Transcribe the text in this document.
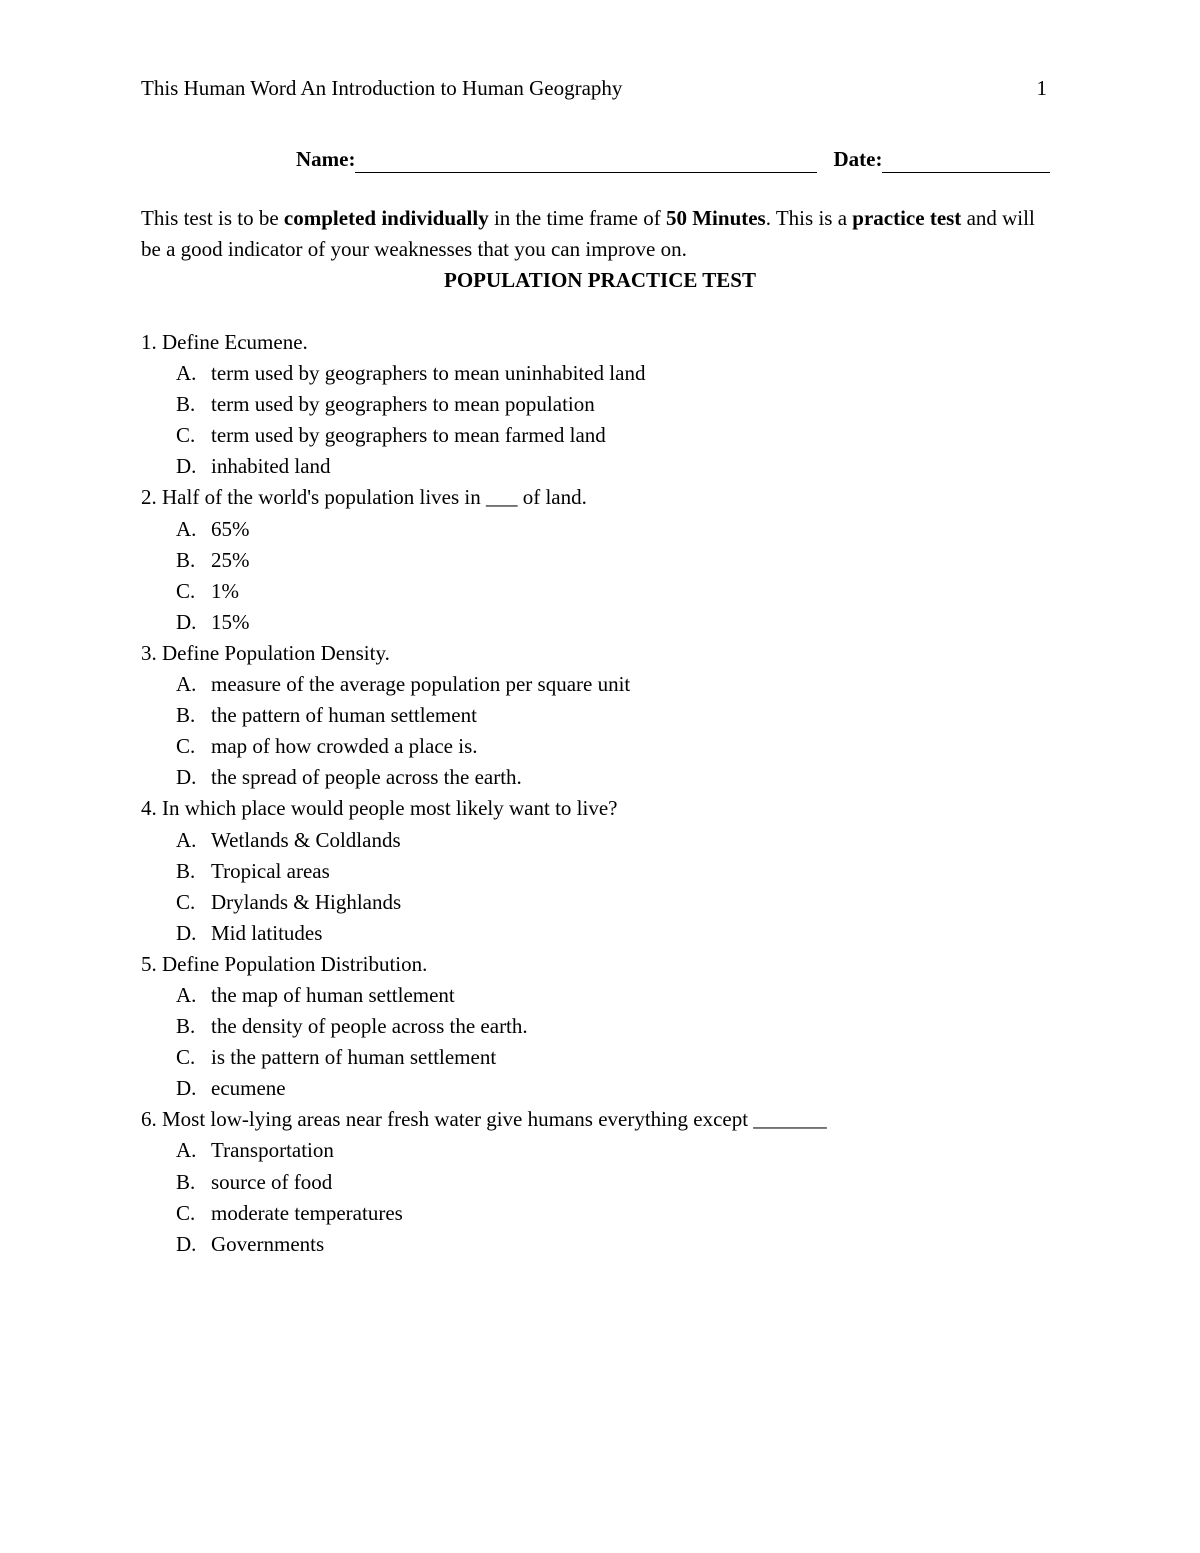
This Human Word An Introduction to Human Geography	1
Name:	Date:
This test is to be completed individually in the time frame of 50 Minutes. This is a practice test and will be a good indicator of your weaknesses that you can improve on.
POPULATION PRACTICE TEST
1. Define Ecumene.
A. term used by geographers to mean uninhabited land
B. term used by geographers to mean population
C. term used by geographers to mean farmed land
D. inhabited land
2. Half of the world's population lives in ___ of land.
A. 65%
B. 25%
C. 1%
D. 15%
3. Define Population Density.
A. measure of the average population per square unit
B. the pattern of human settlement
C. map of how crowded a place is.
D. the spread of people across the earth.
4. In which place would people most likely want to live?
A. Wetlands & Coldlands
B. Tropical areas
C. Drylands & Highlands
D. Mid latitudes
5. Define Population Distribution.
A. the map of human settlement
B. the density of people across the earth.
C. is the pattern of human settlement
D. ecumene
6. Most low-lying areas near fresh water give humans everything except _______
A. Transportation
B. source of food
C. moderate temperatures
D. Governments
